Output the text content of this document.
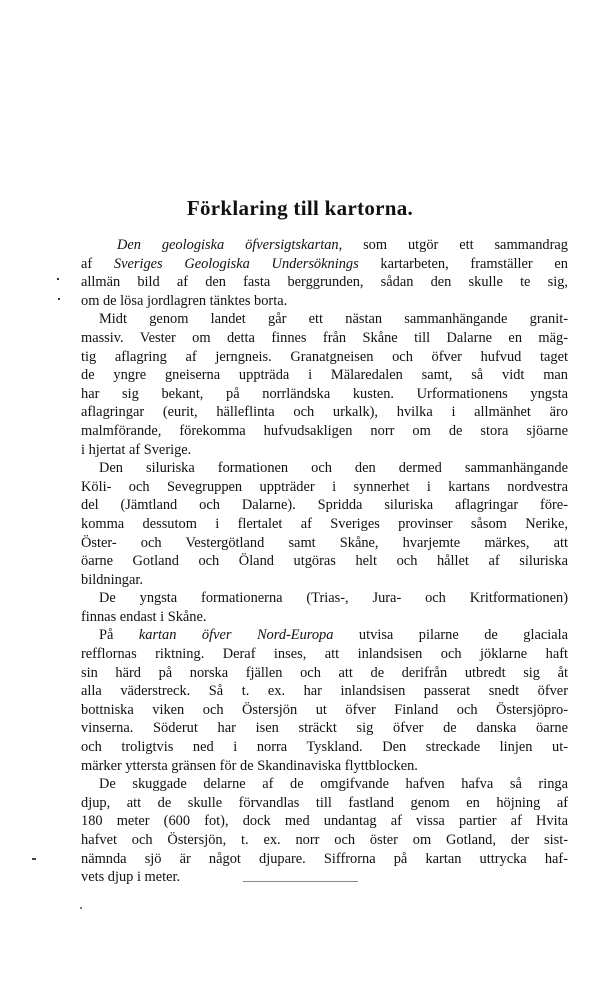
Förklaring till kartorna.
Den geologiska öfversigtskartan, som utgör ett sammandrag
af Sveriges Geologiska Undersöknings kartarbeten, framställer en
allmän bild af den fasta berggrunden, sådan den skulle te sig,
om de lösa jordlagren tänktes borta.
Midt genom landet går ett nästan sammanhängande granit-
massiv. Vester om detta finnes från Skåne till Dalarne en mäg-
tig aflagring af jerngneis. Granatgneisen och öfver hufvud taget
de yngre gneiserna uppträda i Mälaredalen samt, så vidt man
har sig bekant, på norrländska kusten. Urformationens yngsta
aflagringar (eurit, hälleflinta och urkalk), hvilka i allmänhet äro
malmförande, förekomma hufvudsakligen norr om de stora sjöarne
i hjertat af Sverige.
Den siluriska formationen och den dermed sammanhängande
Köli- och Sevegruppen uppträder i synnerhet i kartans nordvestra
del (Jämtland och Dalarne). Spridda siluriska aflagringar före-
komma dessutom i flertalet af Sveriges provinser såsom Nerike,
Öster- och Vestergötland samt Skåne, hvarjemte märkes, att
öarne Gotland och Öland utgöras helt och hållet af siluriska
bildningar.
De yngsta formationerna (Trias-, Jura- och Kritformationen)
finnas endast i Skåne.
På kartan öfver Nord-Europa utvisa pilarne de glaciala
refflornas riktning. Deraf inses, att inlandsisen och jöklarne haft
sin härd på norska fjällen och att de derifrån utbredt sig åt
alla väderstreck. Så t. ex. har inlandsisen passerat snedt öfver
bottniska viken och Östersjön ut öfver Finland och Östersjöpro-
vinserna. Söderut har isen sträckt sig öfver de danska öarne
och troligtvis ned i norra Tyskland. Den streckade linjen ut-
märker yttersta gränsen för de Skandinaviska flyttblocken.
De skuggade delarne af de omgifvande hafven hafva så ringa
djup, att de skulle förvandlas till fastland genom en höjning af
180 meter (600 fot), dock med undantag af vissa partier af Hvita
hafvet och Östersjön, t. ex. norr och öster om Gotland, der sist-
nämnda sjö är något djupare. Siffrorna på kartan uttrycka haf-
vets djup i meter.
